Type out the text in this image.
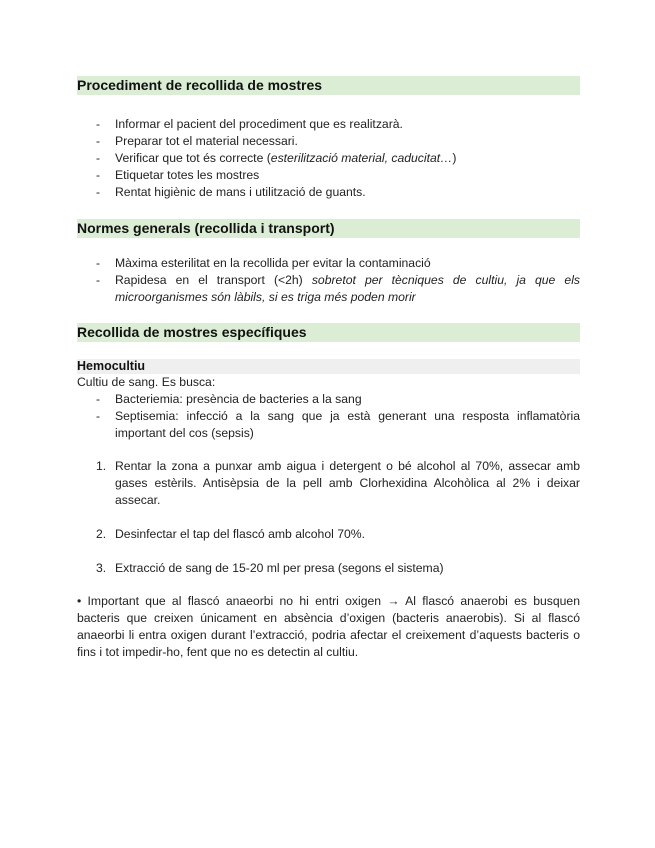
Procediment de recollida de mostres
- Informar el pacient del procediment que es realitzarà.
- Preparar tot el material necessari.
- Verificar que tot és correcte (esterilització material, caducitat…)
- Etiquetar totes les mostres
- Rentat higiènic de mans i utilització de guants.
Normes generals (recollida i transport)
- Màxima esterilitat en la recollida per evitar la contaminació
- Rapidesa en el transport (<2h) sobretot per tècniques de cultiu, ja que els microorganismes són làbils, si es triga més poden morir
Recollida de mostres específiques
Hemocultiu
Cultiu de sang. Es busca:
- Bacteriemia: presència de bacteries a la sang
- Septisemia: infecció a la sang que ja està generant una resposta inflamatòria important del cos (sepsis)
1. Rentar la zona a punxar amb aigua i detergent o bé alcohol al 70%, assecar amb gases estèrils. Antisèpsia de la pell amb Clorhexidina Alcohòlica al 2% i deixar assecar.
2. Desinfectar el tap del flascó amb alcohol 70%.
3. Extracció de sang de 15-20 ml per presa (segons el sistema)
• Important que al flascó anaeorbi no hi entri oxigen → Al flascó anaerobi es busquen bacteris que creixen únicament en absència d’oxigen (bacteris anaerobis). Si al flascó anaeorbi li entra oxigen durant l’extracció, podria afectar el creixement d’aquests bacteris o fins i tot impedir-ho, fent que no es detectin al cultiu.
